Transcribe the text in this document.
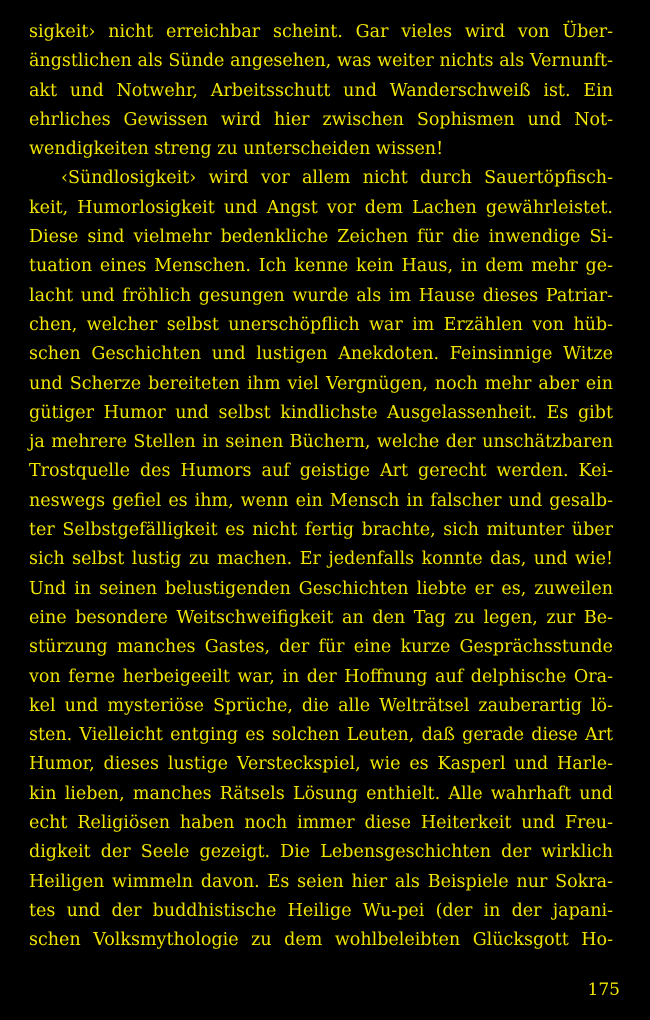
sigkeit› nicht erreichbar scheint. Gar vieles wird von Über-
ängstlichen als Sünde angesehen, was weiter nichts als Vernunft-
akt und Notwehr, Arbeitsschutt und Wanderschweiß ist. Ein
ehrliches Gewissen wird hier zwischen Sophismen und Not-
wendigkeiten streng zu unterscheiden wissen!
‹Sündlosigkeit› wird vor allem nicht durch Sauertöpfisch-
keit, Humorlosigkeit und Angst vor dem Lachen gewährleistet.
Diese sind vielmehr bedenkliche Zeichen für die inwendige Si-
tuation eines Menschen. Ich kenne kein Haus, in dem mehr ge-
lacht und fröhlich gesungen wurde als im Hause dieses Patriar-
chen, welcher selbst unerschöpflich war im Erzählen von hüb-
schen Geschichten und lustigen Anekdoten. Feinsinnige Witze
und Scherze bereiteten ihm viel Vergnügen, noch mehr aber ein
gütiger Humor und selbst kindlichste Ausgelassenheit. Es gibt
ja mehrere Stellen in seinen Büchern, welche der unschätzbaren
Trostquelle des Humors auf geistige Art gerecht werden. Kei-
neswegs gefiel es ihm, wenn ein Mensch in falscher und gesalb-
ter Selbstgefälligkeit es nicht fertig brachte, sich mitunter über
sich selbst lustig zu machen. Er jedenfalls konnte das, und wie!
Und in seinen belustigenden Geschichten liebte er es, zuweilen
eine besondere Weitschweifigkeit an den Tag zu legen, zur Be-
stürzung manches Gastes, der für eine kurze Gesprächsstunde
von ferne herbeigeeilt war, in der Hoffnung auf delphische Ora-
kel und mysteriöse Sprüche, die alle Welträtsel zauberartig lö-
sten. Vielleicht entging es solchen Leuten, daß gerade diese Art
Humor, dieses lustige Versteckspiel, wie es Kasperl und Harle-
kin lieben, manches Rätsels Lösung enthielt. Alle wahrhaft und
echt Religiösen haben noch immer diese Heiterkeit und Freu-
digkeit der Seele gezeigt. Die Lebensgeschichten der wirklich
Heiligen wimmeln davon. Es seien hier als Beispiele nur Sokra-
tes und der buddhistische Heilige Wu-pei (der in der japani-
schen Volksmythologie zu dem wohlbeleibten Glücksgott Ho-
175
